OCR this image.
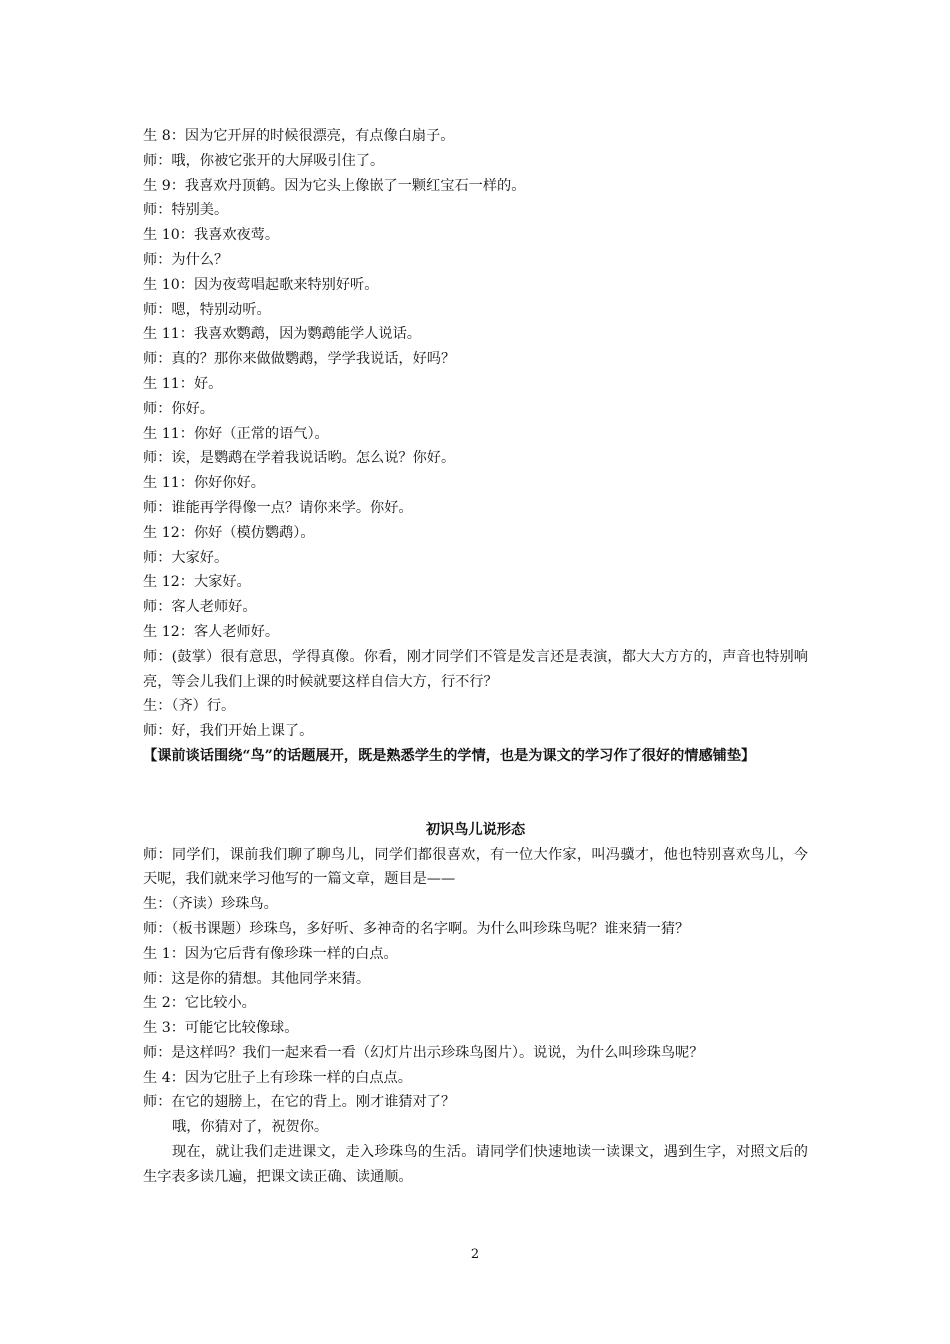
生 8：因为它开屏的时候很漂亮，有点像白扇子。
师：哦，你被它张开的大屏吸引住了。
生 9：我喜欢丹顶鹤。因为它头上像嵌了一颗红宝石一样的。
师：特别美。
生 10：我喜欢夜莺。
师：为什么？
生 10：因为夜莺唱起歌来特别好听。
师：嗯，特别动听。
生 11：我喜欢鹦鹉，因为鹦鹉能学人说话。
师：真的？那你来做做鹦鹉，学学我说话，好吗？
生 11：好。
师：你好。
生 11：你好（正常的语气）。
师：诶，是鹦鹉在学着我说话哟。怎么说？你好。
生 11：你好你好。
师：谁能再学得像一点？请你来学。你好。
生 12：你好（模仿鹦鹉）。
师：大家好。
生 12：大家好。
师：客人老师好。
生 12：客人老师好。
师：(鼓掌）很有意思，学得真像。你看，刚才同学们不管是发言还是表演，都大大方方的，声音也特别响亮，等会儿我们上课的时候就要这样自信大方，行不行？
生：（齐）行。
师：好，我们开始上课了。
【课前谈话围绕“鸟”的话题展开，既是熟悉学生的学情，也是为课文的学习作了很好的情感铺垫】
初识鸟儿说形态
师：同学们，课前我们聊了聊鸟儿，同学们都很喜欢，有一位大作家，叫冯骥才，他也特别喜欢鸟儿，今天呢，我们就来学习他写的一篇文章，题目是——
生：（齐读）珍珠鸟。
师：（板书课题）珍珠鸟，多好听、多神奇的名字啊。为什么叫珍珠鸟呢？谁来猜一猜？
生 1：因为它后背有像珍珠一样的白点。
师：这是你的猜想。其他同学来猜。
生 2：它比较小。
生 3：可能它比较像球。
师：是这样吗？我们一起来看一看（幻灯片出示珍珠鸟图片）。说说，为什么叫珍珠鸟呢？
生 4：因为它肚子上有珍珠一样的白点点。
师：在它的翅膀上，在它的背上。刚才谁猜对了？
哦，你猜对了，祝贺你。
现在，就让我们走进课文，走入珍珠鸟的生活。请同学们快速地读一读课文，遇到生字，对照文后的生字表多读几遍，把课文读正确、读通顺。
2
